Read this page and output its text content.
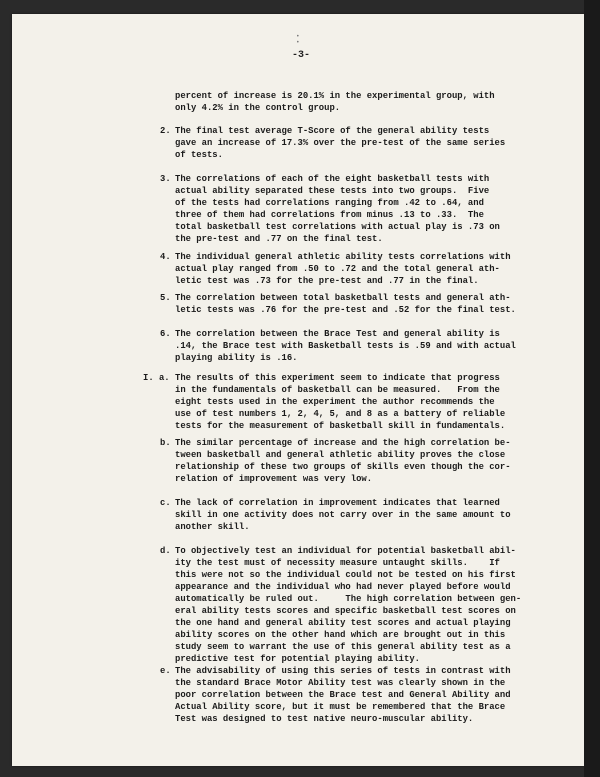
• •
-3-
percent of increase is 20.1% in the experimental group, with
only 4.2% in the control group.
2. The final test average T-Score of the general ability tests
gave an increase of 17.3% over the pre-test of the same series
of tests.
3. The correlations of each of the eight basketball tests with
actual ability separated these tests into two groups.  Five
of the tests had correlations ranging from .42 to .64, and
three of them had correlations from minus .13 to .33.  The
total basketball test correlations with actual play is .73 on
the pre-test and .77 on the final test.
4. The individual general athletic ability tests correlations with
actual play ranged from .50 to .72 and the total general ath-
letic test was .73 for the pre-test and .77 in the final.
5. The correlation between total basketball tests and general ath-
letic tests was .76 for the pre-test and .52 for the final test.
6. The correlation between the Brace Test and general ability is
.14, the Brace test with Basketball tests is .59 and with actual
playing ability is .16.
I. a. The results of this experiment seem to indicate that progress
in the fundamentals of basketball can be measured.   From the
eight tests used in the experiment the author recommends the
use of test numbers 1, 2, 4, 5, and 8 as a battery of reliable
tests for the measurement of basketball skill in fundamentals.
b. The similar percentage of increase and the high correlation be-
tween basketball and general athletic ability proves the close
relationship of these two groups of skills even though the cor-
relation of improvement was very low.
c. The lack of correlation in improvement indicates that learned
skill in one activity does not carry over in the same amount to
another skill.
d. To objectively test an individual for potential basketball abil-
ity the test must of necessity measure untaught skills.    If
this were not so the individual could not be tested on his first
appearance and the individual who had never played before would
automatically be ruled out.     The high correlation between gen-
eral ability tests scores and specific basketball test scores on
the one hand and general ability test scores and actual playing
ability scores on the other hand which are brought out in this
study seem to warrant the use of this general ability test as a
predictive test for potential playing ability.
e. The advisability of using this series of tests in contrast with
the standard Brace Motor Ability test was clearly shown in the
poor correlation between the Brace test and General Ability and
Actual Ability score, but it must be remembered that the Brace
Test was designed to test native neuro-muscular ability.
